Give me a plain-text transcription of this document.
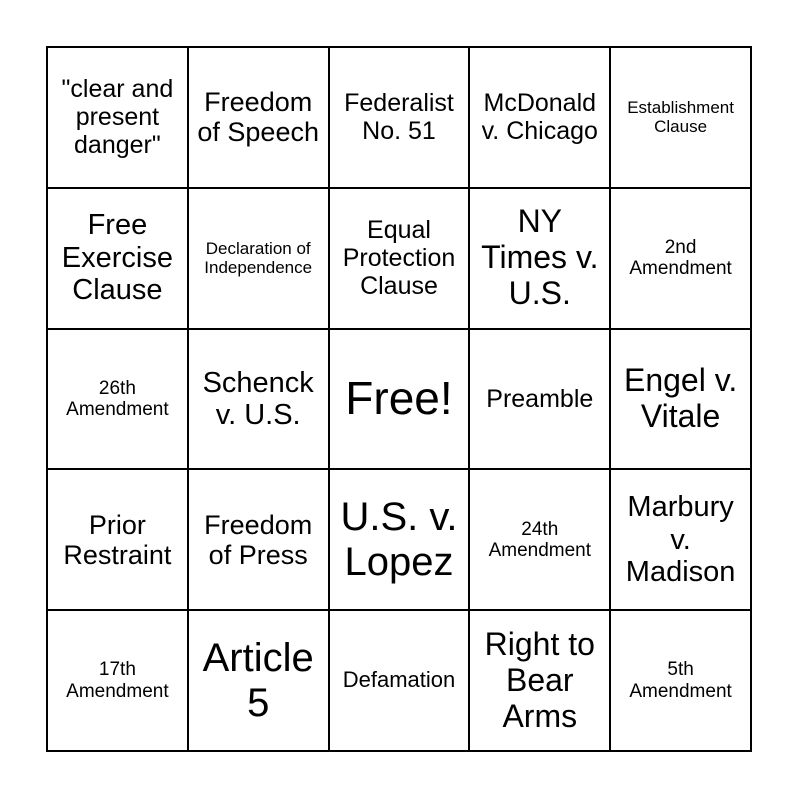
"clear and present danger"
Freedom of Speech
Federalist No. 51
McDonald v. Chicago
Establishment Clause
Free Exercise Clause
Declaration of Independence
Equal Protection Clause
NY Times v. U.S.
2nd Amendment
26th Amendment
Schenck v. U.S. Free! Preamble
Engel v. Vitale
Prior Restraint
Freedom of Press
U.S. v. Lopez
24th Amendment
Marbury v. Madison
17th Amendment
Article 5
Defamation
Right to Bear Arms
5th Amendment
